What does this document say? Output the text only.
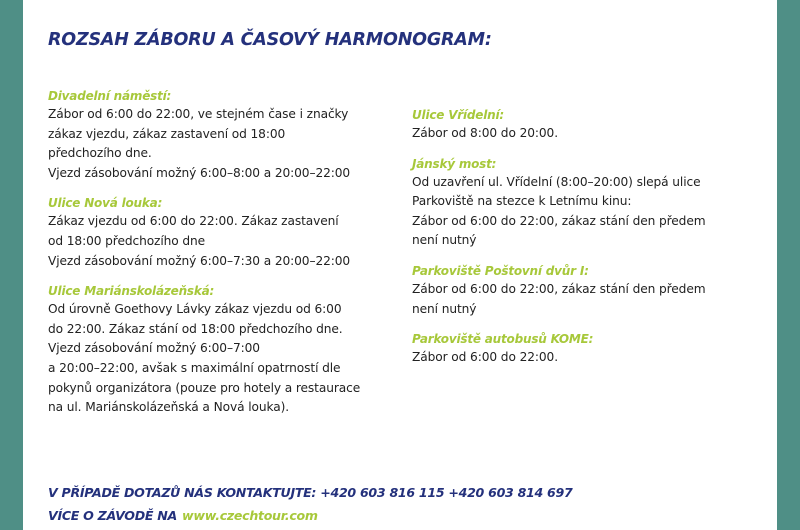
ROZSAH ZÁBORU A ČASOVÝ HARMONOGRAM:
Divadelní náměstí:
Zábor od 6:00 do 22:00, ve stejném čase i značky
zákaz vjezdu, zákaz zastavení od 18:00
předchozího dne.
Vjezd zásobování možný 6:00–8:00 a 20:00–22:00
Ulice Nová louka:
Zákaz vjezdu od 6:00 do 22:00. Zákaz zastavení
od 18:00 předchozího dne
Vjezd zásobování možný 6:00–7:30 a 20:00–22:00
Ulice Mariánskolázeňská:
Od úrovně Goethovy Lávky zákaz vjezdu od 6:00
do 22:00. Zákaz stání od 18:00 předchozího dne.
Vjezd zásobování možný 6:00–7:00
a 20:00–22:00, avšak s maximální opatrností dle
pokynů organizátora (pouze pro hotely a restaurace
na ul. Mariánskolázeňská a Nová louka).
Ulice Vřídelní:
Zábor od 8:00 do 20:00.
Jánský most:
Od uzavření ul. Vřídelní (8:00–20:00) slepá ulice
Parkoviště na stezce k Letnímu kinu:
Zábor od 6:00 do 22:00, zákaz stání den předem
není nutný
Parkoviště Poštovní dvůr I:
Zábor od 6:00 do 22:00, zákaz stání den předem
není nutný
Parkoviště autobusů KOME:
Zábor od 6:00 do 22:00.
V PŘÍPADĚ DOTAZŮ NÁS KONTAKTUJTE: +420 603 816 115 +420 603 814 697
VÍCE O ZÁVODĚ NA www.czechtour.com
